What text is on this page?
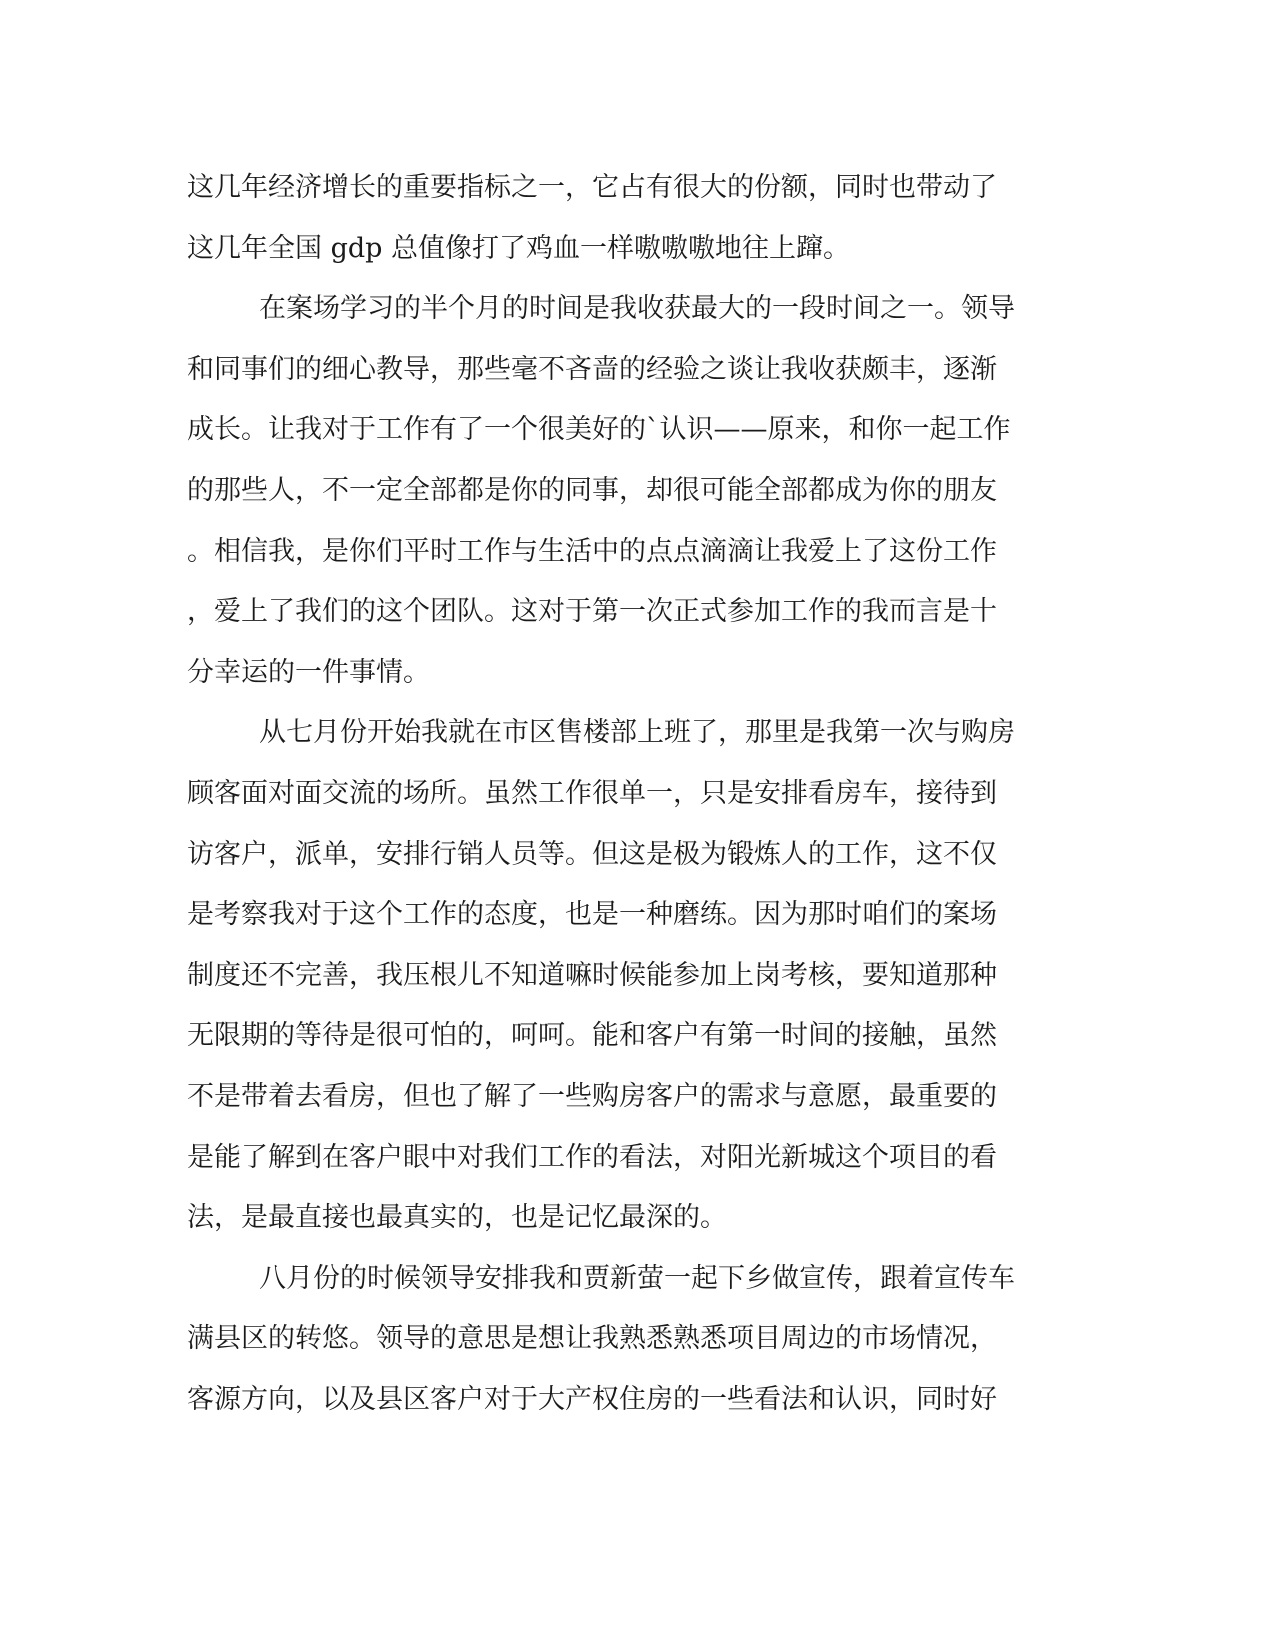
这几年经济增长的重要指标之一，它占有很大的份额，同时也带动了
这几年全国 gdp 总值像打了鸡血一样嗷嗷嗷地往上蹿。
在案场学习的半个月的时间是我收获最大的一段时间之一。领导
和同事们的细心教导，那些毫不吝啬的经验之谈让我收获颇丰，逐渐
成长。让我对于工作有了一个很美好的`认识——原来，和你一起工作
的那些人，不一定全部都是你的同事，却很可能全部都成为你的朋友
。相信我，是你们平时工作与生活中的点点滴滴让我爱上了这份工作
，爱上了我们的这个团队。这对于第一次正式参加工作的我而言是十
分幸运的一件事情。
从七月份开始我就在市区售楼部上班了，那里是我第一次与购房
顾客面对面交流的场所。虽然工作很单一，只是安排看房车，接待到
访客户，派单，安排行销人员等。但这是极为锻炼人的工作，这不仅
是考察我对于这个工作的态度，也是一种磨练。因为那时咱们的案场
制度还不完善，我压根儿不知道嘛时候能参加上岗考核，要知道那种
无限期的等待是很可怕的，呵呵。能和客户有第一时间的接触，虽然
不是带着去看房，但也了解了一些购房客户的需求与意愿，最重要的
是能了解到在客户眼中对我们工作的看法，对阳光新城这个项目的看
法，是最直接也最真实的，也是记忆最深的。
八月份的时候领导安排我和贾新萤一起下乡做宣传，跟着宣传车
满县区的转悠。领导的意思是想让我熟悉熟悉项目周边的市场情况，
客源方向，以及县区客户对于大产权住房的一些看法和认识，同时好
